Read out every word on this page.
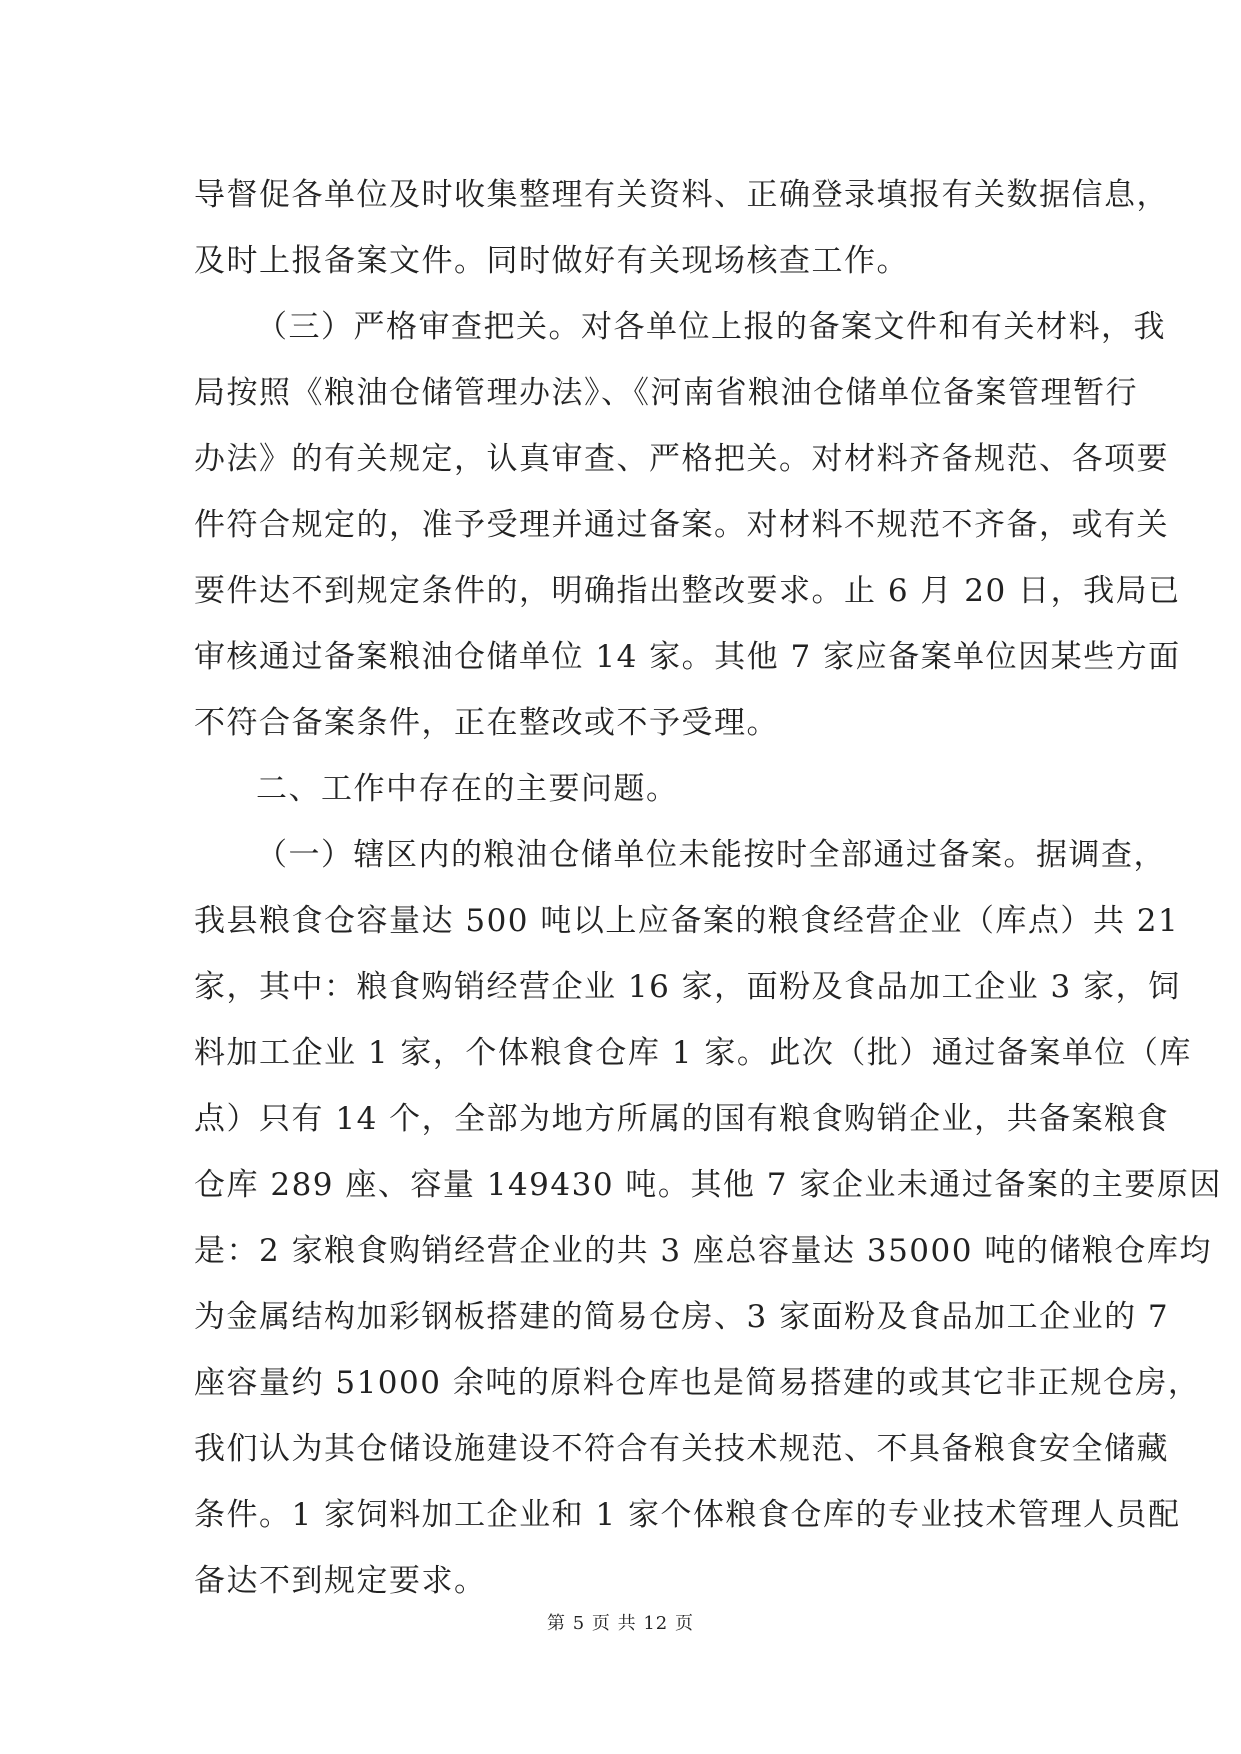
导督促各单位及时收集整理有关资料、正确登录填报有关数据信息，
及时上报备案文件。同时做好有关现场核查工作。
（三）严格审查把关。对各单位上报的备案文件和有关材料，我
局按照《粮油仓储管理办法》、《河南省粮油仓储单位备案管理暂行
办法》的有关规定，认真审查、严格把关。对材料齐备规范、各项要
件符合规定的，准予受理并通过备案。对材料不规范不齐备，或有关
要件达不到规定条件的，明确指出整改要求。止 6 月 20 日，我局已
审核通过备案粮油仓储单位 14 家。其他 7 家应备案单位因某些方面
不符合备案条件，正在整改或不予受理。
二、工作中存在的主要问题。
（一）辖区内的粮油仓储单位未能按时全部通过备案。据调查，
我县粮食仓容量达 500 吨以上应备案的粮食经营企业（库点）共 21
家，其中：粮食购销经营企业 16 家，面粉及食品加工企业 3 家，饲
料加工企业 1 家，个体粮食仓库 1 家。此次（批）通过备案单位（库
点）只有 14 个，全部为地方所属的国有粮食购销企业，共备案粮食
仓库 289 座、容量 149430 吨。其他 7 家企业未通过备案的主要原因
是：2 家粮食购销经营企业的共 3 座总容量达 35000 吨的储粮仓库均
为金属结构加彩钢板搭建的简易仓房、3 家面粉及食品加工企业的 7
座容量约 51000 余吨的原料仓库也是简易搭建的或其它非正规仓房，
我们认为其仓储设施建设不符合有关技术规范、不具备粮食安全储藏
条件。1 家饲料加工企业和 1 家个体粮食仓库的专业技术管理人员配
备达不到规定要求。
第 5 页 共 12 页
